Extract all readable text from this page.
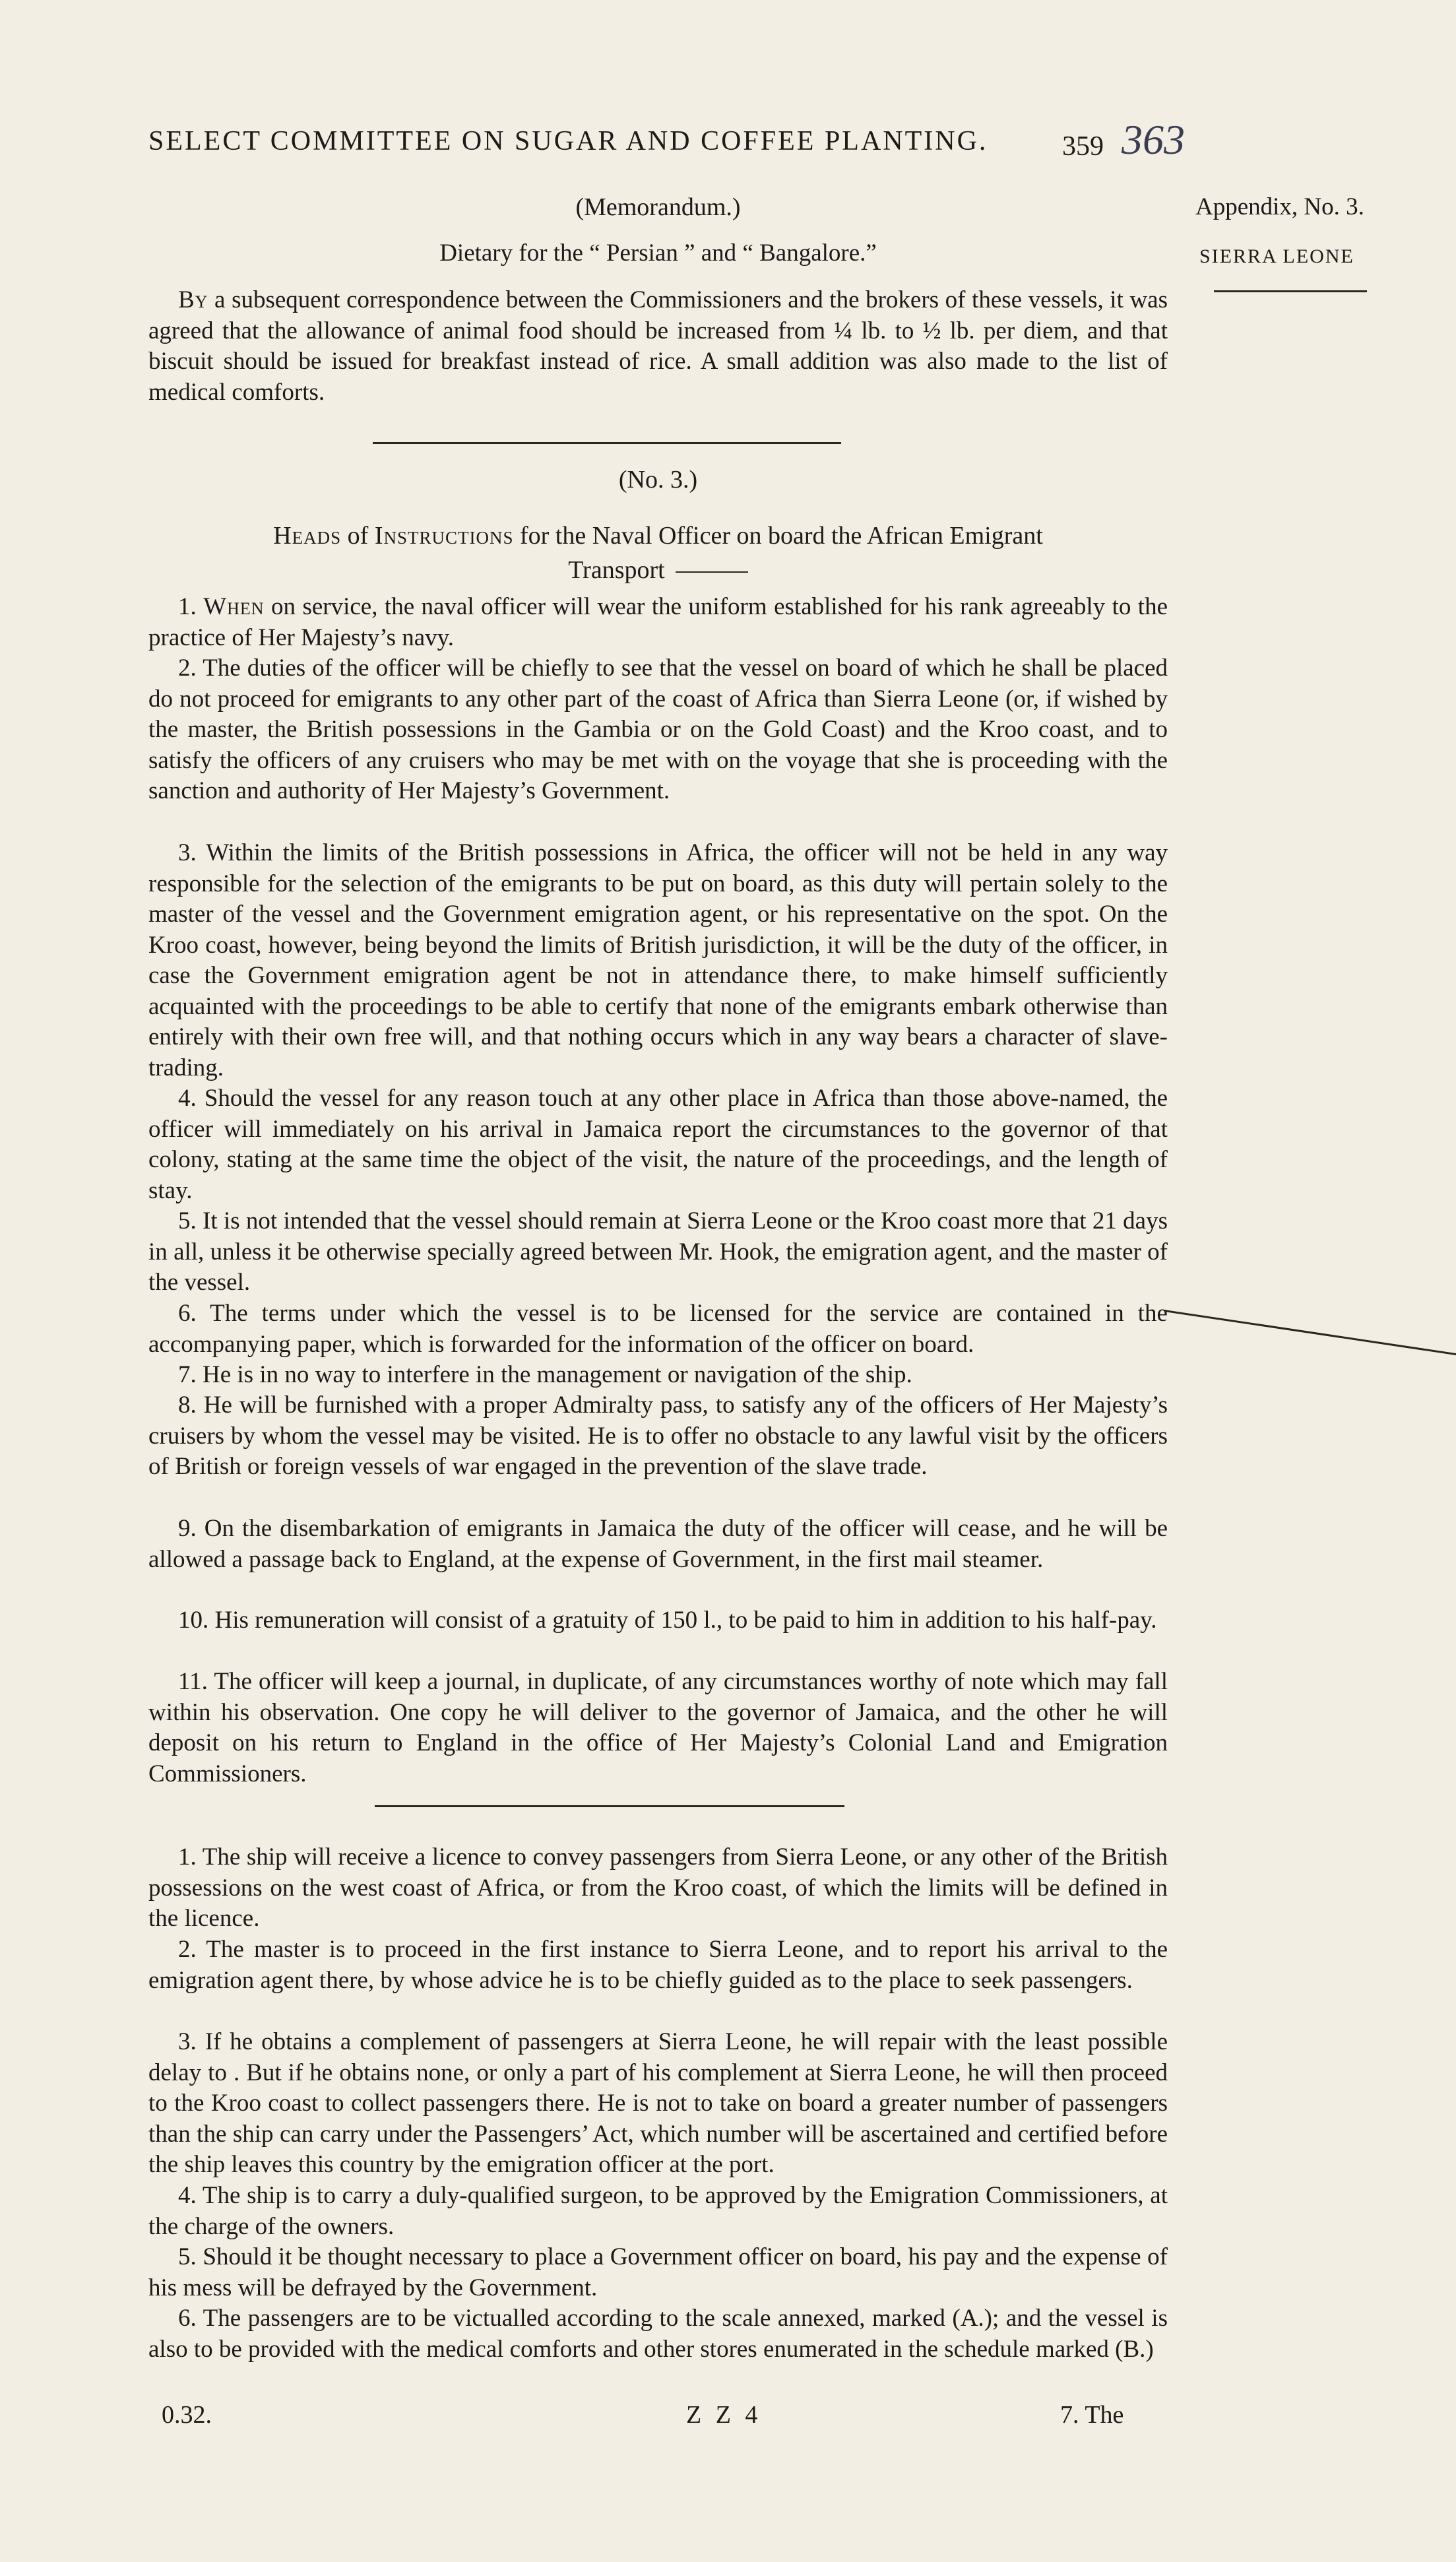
SELECT COMMITTEE ON SUGAR AND COFFEE PLANTING.	359 363
Appendix, No. 3.
SIERRA LEONE
(Memorandum.)
Dietary for the “ Persian ” and “ Bangalore.”

By a subsequent correspondence between the Commissioners and the brokers of these vessels, it was agreed that the allowance of animal food should be increased from ¼ lb. to ½ lb. per diem, and that biscuit should be issued for breakfast instead of rice. A small addition was also made to the list of medical comforts.

(No. 3.)
Heads of Instructions for the Naval Officer on board the African Emigrant
Transport

1. When on service, the naval officer will wear the uniform established for his rank agreeably to the practice of Her Majesty’s navy.

2. The duties of the officer will be chiefly to see that the vessel on board of which he shall be placed do not proceed for emigrants to any other part of the coast of Africa than Sierra Leone (or, if wished by the master, the British possessions in the Gambia or on the Gold Coast) and the Kroo coast, and to satisfy the officers of any cruisers who may be met with on the voyage that she is proceeding with the sanction and authority of Her Majesty’s Government.

3. Within the limits of the British possessions in Africa, the officer will not be held in any way responsible for the selection of the emigrants to be put on board, as this duty will pertain solely to the master of the vessel and the Government emigration agent, or his representative on the spot. On the Kroo coast, however, being beyond the limits of British jurisdiction, it will be the duty of the officer, in case the Government emigration agent be not in attendance there, to make himself sufficiently acquainted with the proceedings to be able to certify that none of the emigrants embark otherwise than entirely with their own free will, and that nothing occurs which in any way bears a character of slave-trading.

4. Should the vessel for any reason touch at any other place in Africa than those above-named, the officer will immediately on his arrival in Jamaica report the circumstances to the governor of that colony, stating at the same time the object of the visit, the nature of the proceedings, and the length of stay.

5. It is not intended that the vessel should remain at Sierra Leone or the Kroo coast more that 21 days in all, unless it be otherwise specially agreed between Mr. Hook, the emigration agent, and the master of the vessel.

6. The terms under which the vessel is to be licensed for the service are contained in the accompanying paper, which is forwarded for the information of the officer on board.

7. He is in no way to interfere in the management or navigation of the ship.

8. He will be furnished with a proper Admiralty pass, to satisfy any of the officers of Her Majesty’s cruisers by whom the vessel may be visited. He is to offer no obstacle to any lawful visit by the officers of British or foreign vessels of war engaged in the prevention of the slave trade.

9. On the disembarkation of emigrants in Jamaica the duty of the officer will cease, and he will be allowed a passage back to England, at the expense of Government, in the first mail steamer.

10. His remuneration will consist of a gratuity of 150 l., to be paid to him in addition to his half-pay.

11. The officer will keep a journal, in duplicate, of any circumstances worthy of note which may fall within his observation. One copy he will deliver to the governor of Jamaica, and the other he will deposit on his return to England in the office of Her Majesty’s Colonial Land and Emigration Commissioners.

1. The ship will receive a licence to convey passengers from Sierra Leone, or any other of the British possessions on the west coast of Africa, or from the Kroo coast, of which the limits will be defined in the licence.

2. The master is to proceed in the first instance to Sierra Leone, and to report his arrival to the emigration agent there, by whose advice he is to be chiefly guided as to the place to seek passengers.

3. If he obtains a complement of passengers at Sierra Leone, he will repair with the least possible delay to . But if he obtains none, or only a part of his complement at Sierra Leone, he will then proceed to the Kroo coast to collect passengers there. He is not to take on board a greater number of passengers than the ship can carry under the Passengers’ Act, which number will be ascertained and certified before the ship leaves this country by the emigration officer at the port.

4. The ship is to carry a duly-qualified surgeon, to be approved by the Emigration Commissioners, at the charge of the owners.

5. Should it be thought necessary to place a Government officer on board, his pay and the expense of his mess will be defrayed by the Government.

6. The passengers are to be victualled according to the scale annexed, marked (A.); and the vessel is also to be provided with the medical comforts and other stores enumerated in the schedule marked (B.)

0.32.	Z Z 4	7. The
